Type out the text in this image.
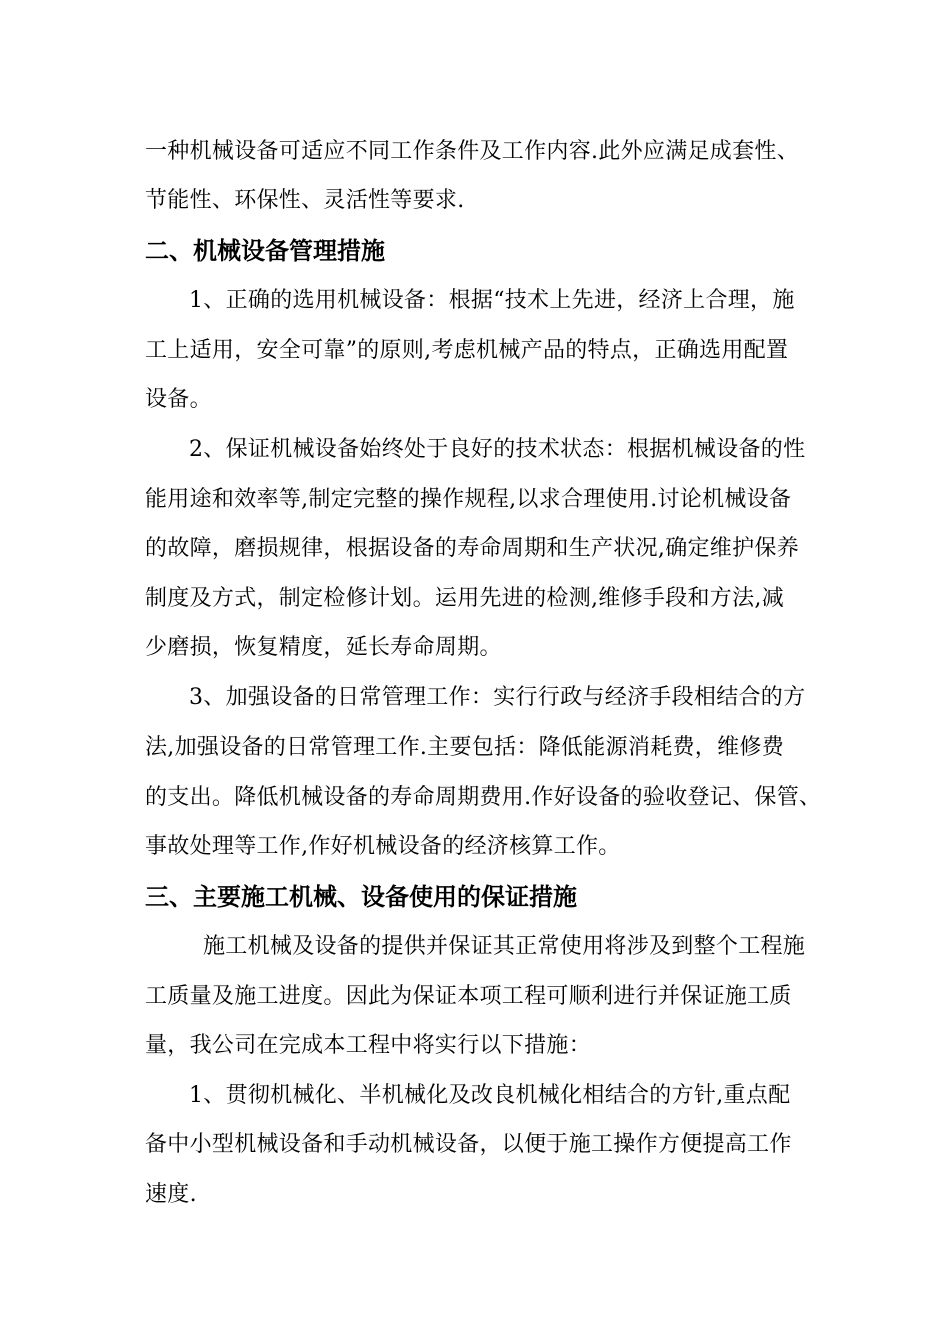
一种机械设备可适应不同工作条件及工作内容.此外应满足成套性、
节能性、环保性、灵活性等要求.
二、机械设备管理措施
1、正确的选用机械设备：根据“技术上先进，经济上合理，施
工上适用，安全可靠”的原则,考虑机械产品的特点，正确选用配置
设备。
2、保证机械设备始终处于良好的技术状态：根据机械设备的性
能用途和效率等,制定完整的操作规程,以求合理使用.讨论机械设备
的故障，磨损规律，根据设备的寿命周期和生产状况,确定维护保养
制度及方式，制定检修计划。运用先进的检测,维修手段和方法,减
少磨损，恢复精度，延长寿命周期。
3、加强设备的日常管理工作：实行行政与经济手段相结合的方
法,加强设备的日常管理工作.主要包括：降低能源消耗费，维修费
的支出。降低机械设备的寿命周期费用.作好设备的验收登记、保管、
事故处理等工作,作好机械设备的经济核算工作。
三、主要施工机械、设备使用的保证措施
施工机械及设备的提供并保证其正常使用将涉及到整个工程施
工质量及施工进度。因此为保证本项工程可顺利进行并保证施工质
量，我公司在完成本工程中将实行以下措施：
1、贯彻机械化、半机械化及改良机械化相结合的方针,重点配
备中小型机械设备和手动机械设备，以便于施工操作方便提高工作
速度.
